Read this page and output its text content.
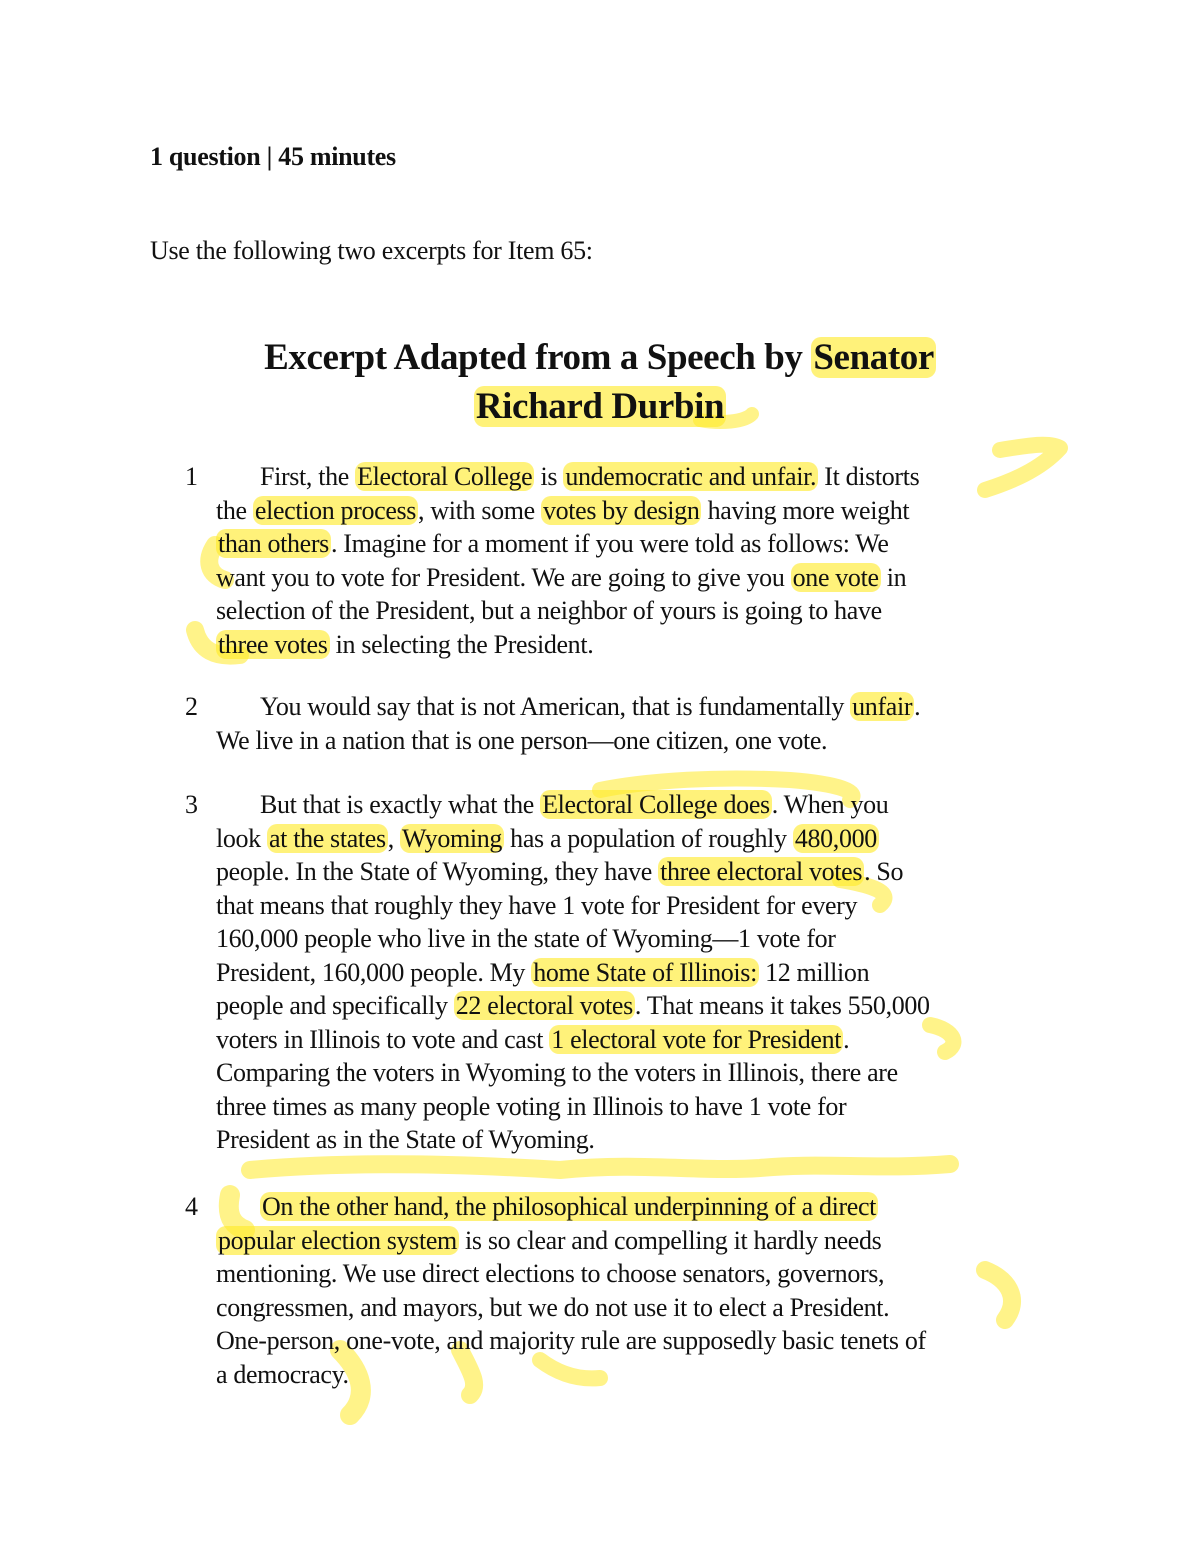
1 question | 45 minutes
Use the following two excerpts for Item 65:
Excerpt Adapted from a Speech by Senator
Richard Durbin
1	First, the Electoral College is undemocratic and unfair. It distorts
the election process, with some votes by design having more weight
than others. Imagine for a moment if you were told as follows: We
want you to vote for President. We are going to give you one vote in
selection of the President, but a neighbor of yours is going to have
three votes in selecting the President.
2	You would say that is not American, that is fundamentally unfair.
We live in a nation that is one person—one citizen, one vote.
3	But that is exactly what the Electoral College does. When you
look at the states, Wyoming has a population of roughly 480,000
people. In the State of Wyoming, they have three electoral votes. So
that means that roughly they have 1 vote for President for every
160,000 people who live in the state of Wyoming—1 vote for
President, 160,000 people. My home State of Illinois: 12 million
people and specifically 22 electoral votes. That means it takes 550,000
voters in Illinois to vote and cast 1 electoral vote for President.
Comparing the voters in Wyoming to the voters in Illinois, there are
three times as many people voting in Illinois to have 1 vote for
President as in the State of Wyoming.
4	On the other hand, the philosophical underpinning of a direct
popular election system is so clear and compelling it hardly needs
mentioning. We use direct elections to choose senators, governors,
congressmen, and mayors, but we do not use it to elect a President.
One-person, one-vote, and majority rule are supposedly basic tenets of
a democracy.
